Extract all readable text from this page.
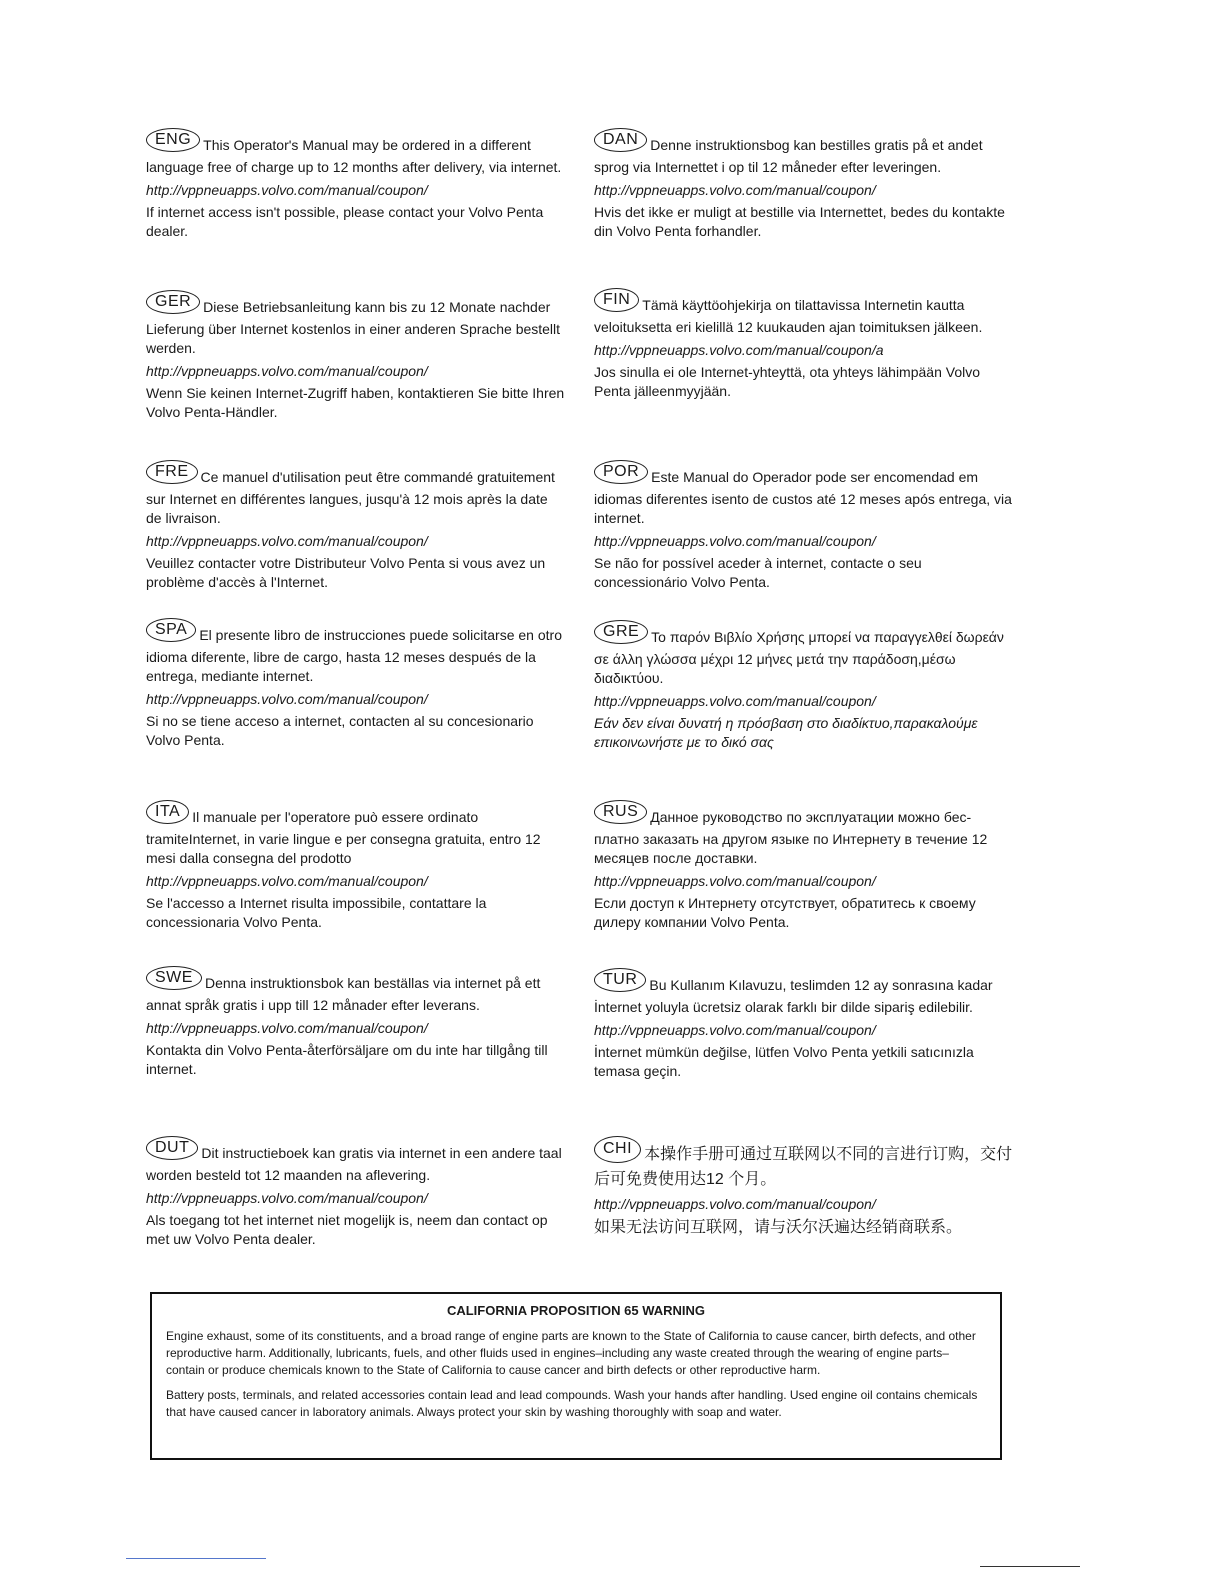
ENG This Operator's Manual may be ordered in a different language free of charge up to 12 months after delivery, via internet.

http://vppneuapps.volvo.com/manual/coupon/

If internet access isn't possible, please contact your Volvo Penta dealer.

GER Diese Betriebsanleitung kann bis zu 12 Monate nachder Lieferung über Internet kostenlos in einer anderen Sprache bestellt werden.

http://vppneuapps.volvo.com/manual/coupon/

Wenn Sie keinen Internet-Zugriff haben, kontaktieren Sie bitte Ihren Volvo Penta-Händler.

FRE Ce manuel d'utilisation peut être commandé gratuitement sur Internet en différentes langues, jusqu'à 12 mois après la date de livraison.

http://vppneuapps.volvo.com/manual/coupon/

Veuillez contacter votre Distributeur Volvo Penta si vous avez un problème d'accès à l'Internet.

SPA El presente libro de instrucciones puede solicitarse en otro idioma diferente, libre de cargo, hasta 12 meses después de la entrega, mediante internet.

http://vppneuapps.volvo.com/manual/coupon/

Si no se tiene acceso a internet, contacten al su concesionario Volvo Penta.

ITA Il manuale per l'operatore può essere ordinato tramiteInternet, in varie lingue e per consegna gratuita, entro 12 mesi dalla consegna del prodotto

http://vppneuapps.volvo.com/manual/coupon/

Se l'accesso a Internet risulta impossibile, contattare la concessionaria Volvo Penta.

SWE Denna instruktionsbok kan beställas via internet på ett annat språk gratis i upp till 12 månader efter leverans.

http://vppneuapps.volvo.com/manual/coupon/

Kontakta din Volvo Penta-återförsäljare om du inte har tillgång till internet.

DUT Dit instructieboek kan gratis via internet in een andere taal worden besteld tot 12 maanden na aflevering.

http://vppneuapps.volvo.com/manual/coupon/

Als toegang tot het internet niet mogelijk is, neem dan contact op met uw Volvo Penta dealer.

DAN Denne instruktionsbog kan bestilles gratis på et andet sprog via Internettet i op til 12 måneder efter leveringen.

http://vppneuapps.volvo.com/manual/coupon/

Hvis det ikke er muligt at bestille via Internettet, bedes du kontakte din Volvo Penta forhandler.

FIN Tämä käyttöohjekirja on tilattavissa Internetin kautta veloituksetta eri kielillä 12 kuukauden ajan toimituksen jälkeen.

http://vppneuapps.volvo.com/manual/coupon/a

Jos sinulla ei ole Internet-yhteyttä, ota yhteys lähimpään Volvo Penta jälleenmyyjään.

POR Este Manual do Operador pode ser encomendad em idiomas diferentes isento de custos até 12 meses após entrega, via internet.

http://vppneuapps.volvo.com/manual/coupon/

Se não for possível aceder à internet, contacte o seu concessionário Volvo Penta.

GRE Το παρόν Βιβλίο Χρήσης μπορεί να παραγγελθεί δωρεάν σε άλλη γλώσσα μέχρι 12 μήνες μετά την παράδοση,μέσω διαδικτύου.

http://vppneuapps.volvo.com/manual/coupon/

Εάν δεν είναι δυνατή η πρόσβαση στο διαδίκτυο,παρακαλούμε επικοινωνήστε με το δικό σας

RUS Данное руководство по эксплуатации можно бес-платно заказать на другом языке по Интернету в течение 12 месяцев после доставки.

http://vppneuapps.volvo.com/manual/coupon/

Если доступ к Интернету отсутствует, обратитесь к своему дилеру компании Volvo Penta.

TUR Bu Kullanım Kılavuzu, teslimden 12 ay sonrasına kadar İnternet yoluyla ücretsiz olarak farklı bir dilde sipariş edilebilir.

http://vppneuapps.volvo.com/manual/coupon/

İnternet mümkün değilse, lütfen Volvo Penta yetkili satıcınızla temasa geçin.

CHI 本操作手册可通过互联网以不同的言进行订购，交付后可免费使用达12 个月。

http://vppneuapps.volvo.com/manual/coupon/

如果无法访问互联网，请与沃尔沃遍达经销商联系。

CALIFORNIA PROPOSITION 65 WARNING

Engine exhaust, some of its constituents, and a broad range of engine parts are known to the State of California to cause cancer, birth defects, and other reproductive harm. Additionally, lubricants, fuels, and other fluids used in engines–including any waste created through the wearing of engine parts–contain or produce chemicals known to the State of California to cause cancer and birth defects or other reproductive harm.

Battery posts, terminals, and related accessories contain lead and lead compounds. Wash your hands after handling. Used engine oil contains chemicals that have caused cancer in laboratory animals. Always protect your skin by washing thoroughly with soap and water.
